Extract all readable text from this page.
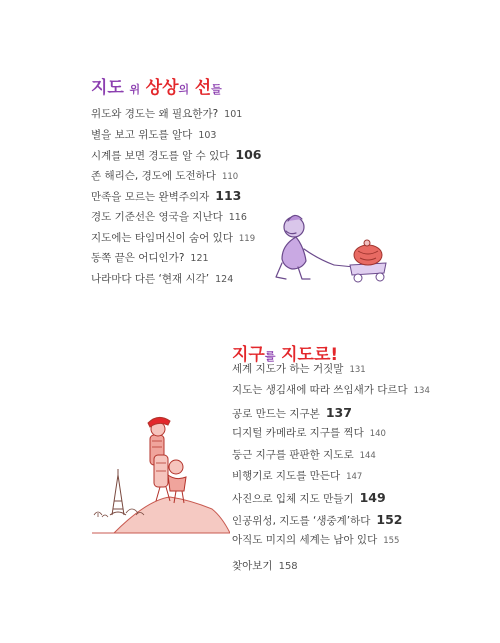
지도 위 상상의 선들
위도와 경도는 왜 필요한가? 101
별을 보고 위도를 알다 103
시계를 보면 경도를 알 수 있다 106
존 해리슨, 경도에 도전하다 110
만족을 모르는 완벽주의자 113
경도 기준선은 영국을 지난다 116
지도에는 타임머신이 숨어 있다 119
동쪽 끝은 어디인가? 121
나라마다 다른 ‘현재 시각’ 124
지구를 지도로!
세계 지도가 하는 거짓말 131
지도는 생김새에 따라 쓰임새가 다르다 134
공로 만드는 지구본 137
디지털 카메라로 지구를 찍다 140
둥근 지구를 판판한 지도로 144
비행기로 지도를 만든다 147
사진으로 입체 지도 만들기 149
인공위성, 지도를 ‘생중계’하다 152
아직도 미지의 세계는 남아 있다 155
찾아보기 158
